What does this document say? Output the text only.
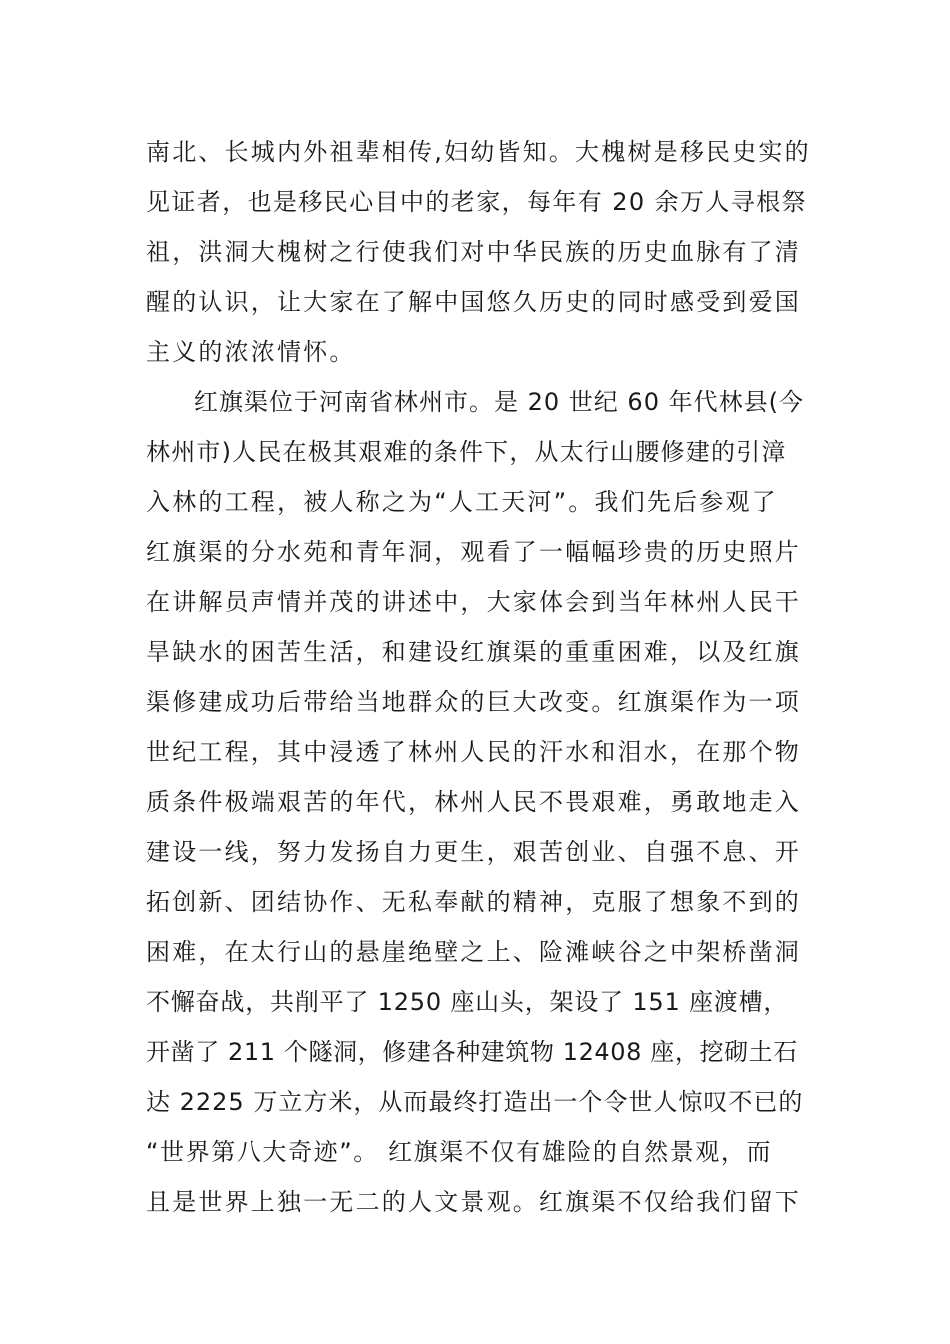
南北、长城内外祖辈相传,妇幼皆知。大槐树是移民史实的

见证者，也是移民心目中的老家，每年有 20 余万人寻根祭

祖，洪洞大槐树之行使我们对中华民族的历史血脉有了清

醒的认识，让大家在了解中国悠久历史的同时感受到爱国

主义的浓浓情怀。

红旗渠位于河南省林州市。是 20 世纪 60 年代林县(今

林州市)人民在极其艰难的条件下，从太行山腰修建的引漳

入林的工程，被人称之为“人工天河”。我们先后参观了

红旗渠的分水苑和青年洞，观看了一幅幅珍贵的历史照片

在讲解员声情并茂的讲述中，大家体会到当年林州人民干

旱缺水的困苦生活，和建设红旗渠的重重困难，以及红旗

渠修建成功后带给当地群众的巨大改变。红旗渠作为一项

世纪工程，其中浸透了林州人民的汗水和泪水，在那个物

质条件极端艰苦的年代，林州人民不畏艰难，勇敢地走入

建设一线，努力发扬自力更生，艰苦创业、自强不息、开

拓创新、团结协作、无私奉献的精神，克服了想象不到的

困难，在太行山的悬崖绝壁之上、险滩峡谷之中架桥凿洞

不懈奋战，共削平了 1250 座山头，架设了 151 座渡槽，

开凿了 211 个隧洞，修建各种建筑物 12408 座，挖砌土石

达 2225 万立方米，从而最终打造出一个令世人惊叹不已的

“世界第八大奇迹”。 红旗渠不仅有雄险的自然景观，而

且是世界上独一无二的人文景观。红旗渠不仅给我们留下
